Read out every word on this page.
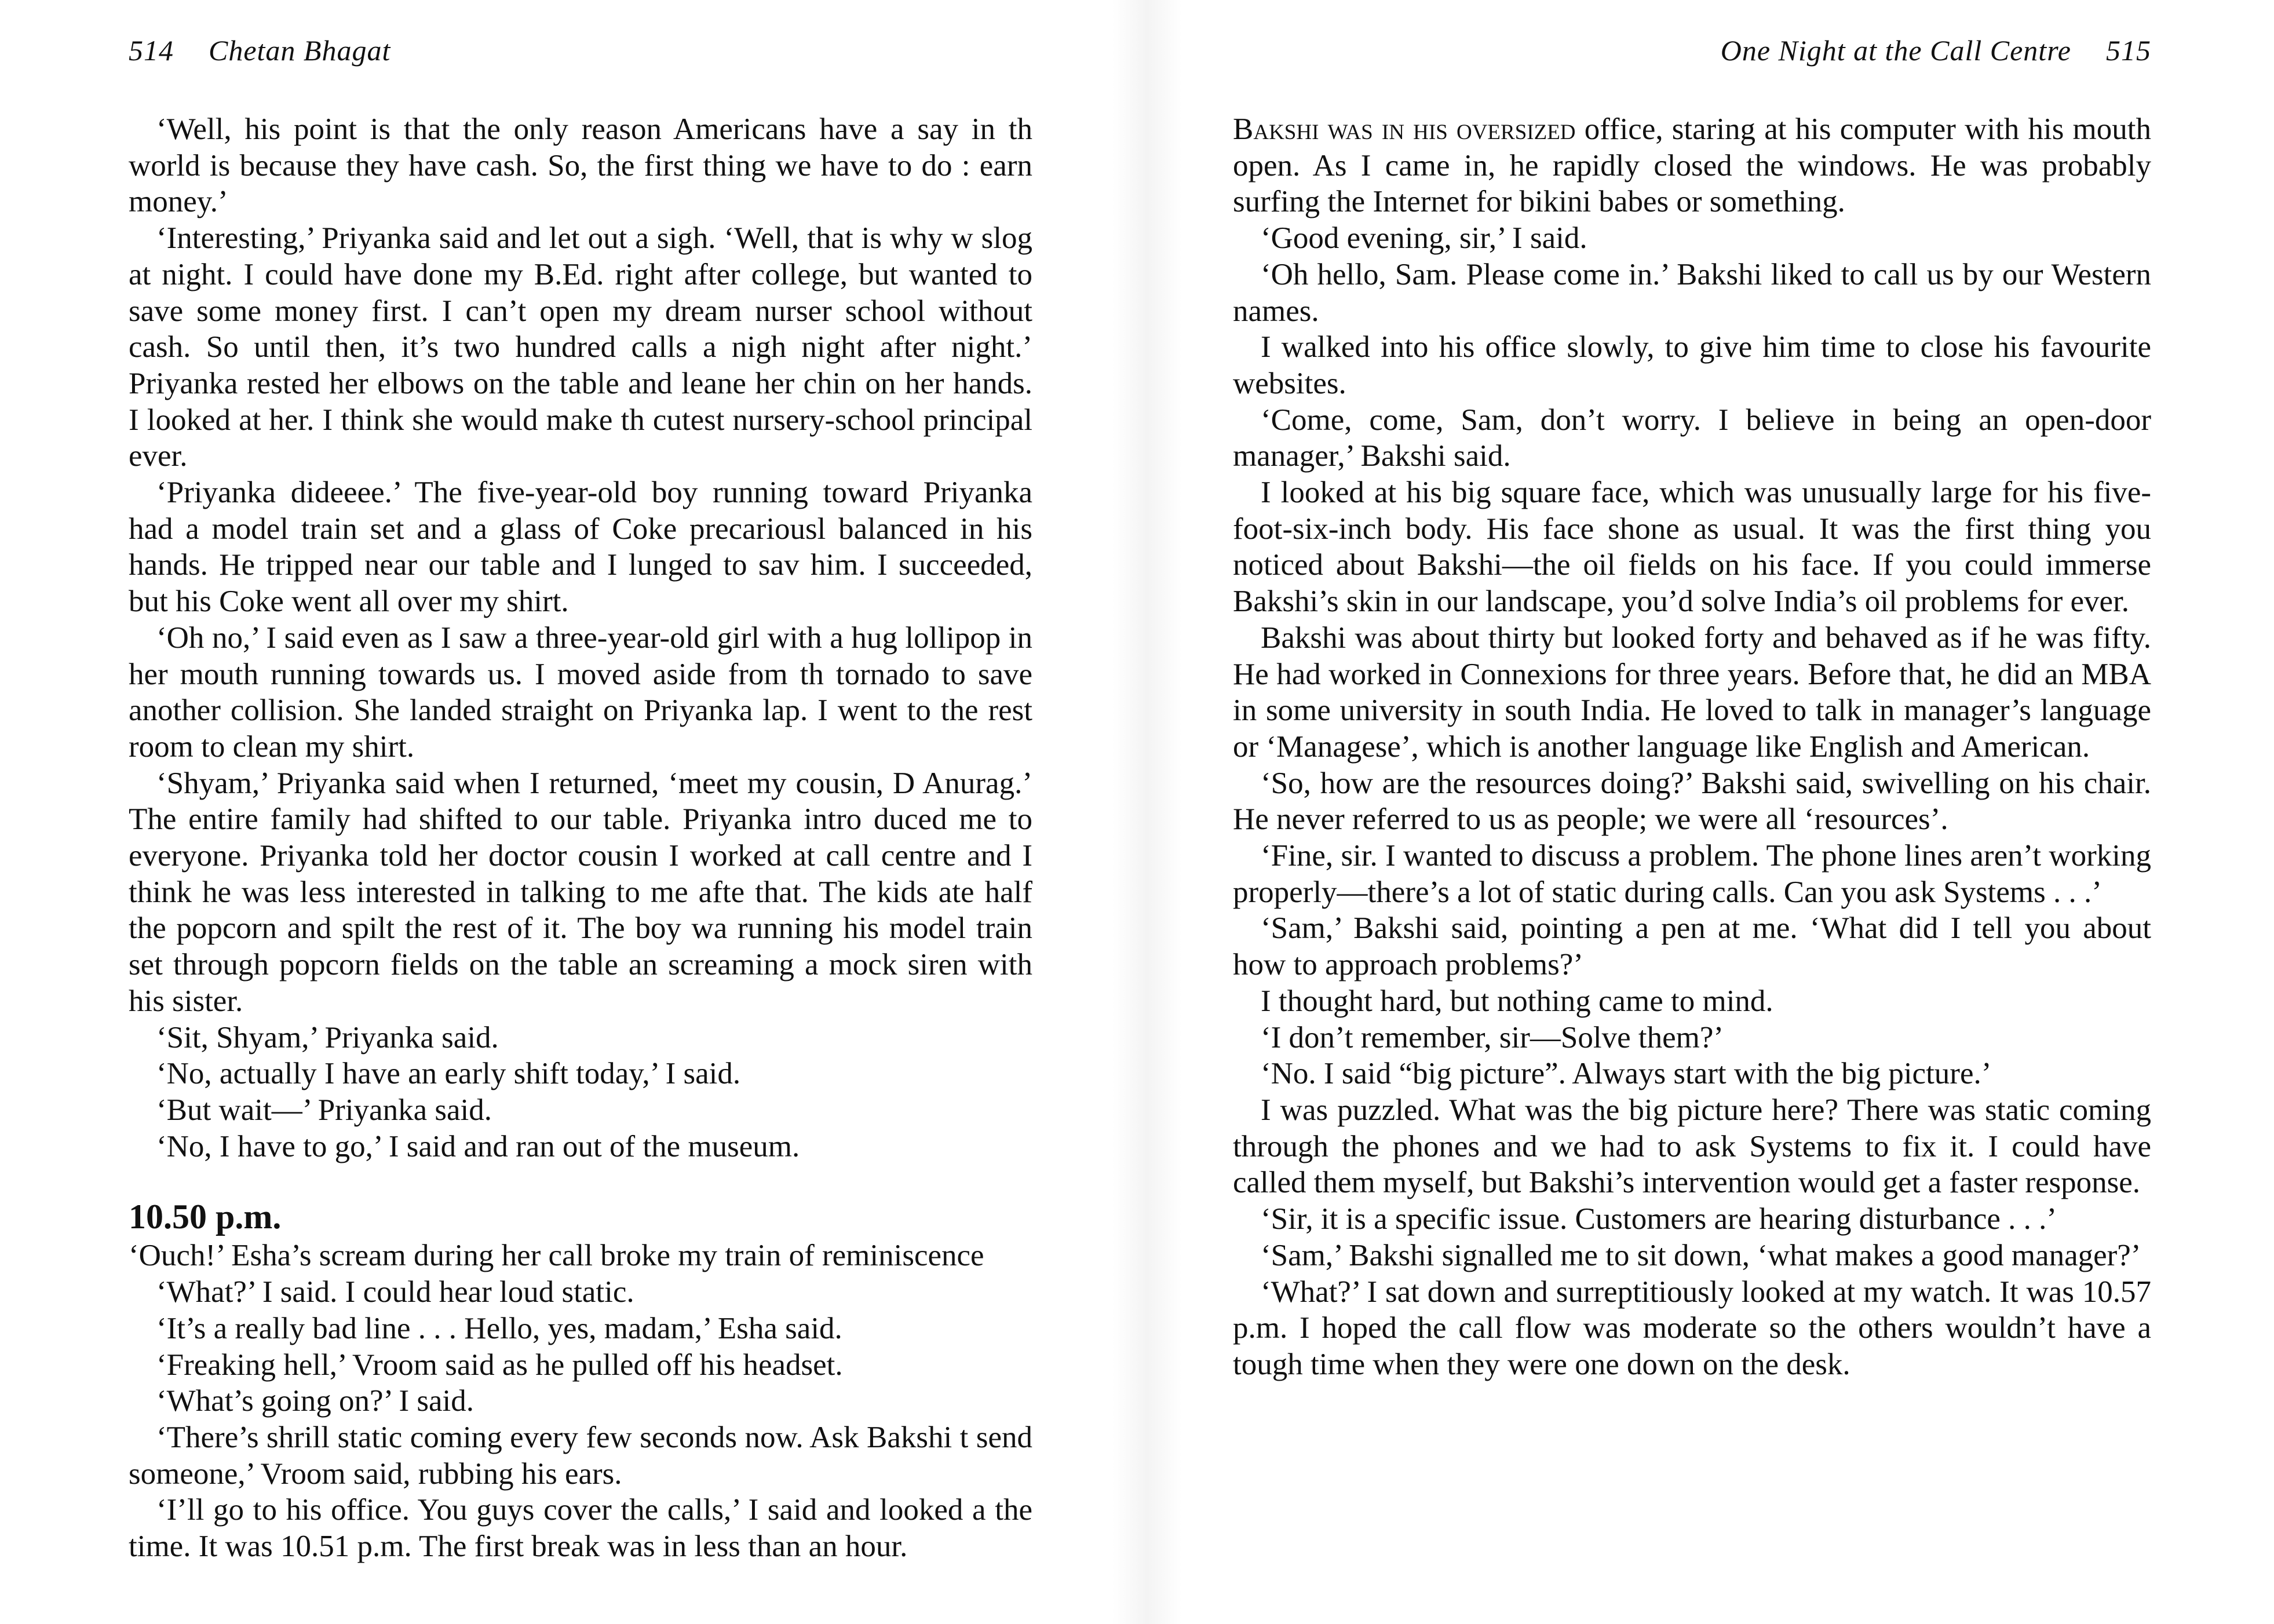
514 Chetan Bhagat

‘Well, his point is that the only reason Americans have a say in th world is because they have cash. So, the first thing we have to do : earn money.’

‘Interesting,’ Priyanka said and let out a sigh. ‘Well, that is why w slog at night. I could have done my B.Ed. right after college, but wanted to save some money first. I can’t open my dream nurser school without cash. So until then, it’s two hundred calls a nigh night after night.’ Priyanka rested her elbows on the table and leane her chin on her hands. I looked at her. I think she would make th cutest nursery-school principal ever.

‘Priyanka dideeee.’ The five-year-old boy running toward Priyanka had a model train set and a glass of Coke precariousl balanced in his hands. He tripped near our table and I lunged to sav him. I succeeded, but his Coke went all over my shirt.

‘Oh no,’ I said even as I saw a three-year-old girl with a hug lollipop in her mouth running towards us. I moved aside from th tornado to save another collision. She landed straight on Priyanka lap. I went to the rest room to clean my shirt.

‘Shyam,’ Priyanka said when I returned, ‘meet my cousin, D Anurag.’ The entire family had shifted to our table. Priyanka intro duced me to everyone. Priyanka told her doctor cousin I worked at call centre and I think he was less interested in talking to me afte that. The kids ate half the popcorn and spilt the rest of it. The boy wa running his model train set through popcorn fields on the table an screaming a mock siren with his sister.

‘Sit, Shyam,’ Priyanka said.

‘No, actually I have an early shift today,’ I said.

‘But wait—’ Priyanka said.

‘No, I have to go,’ I said and ran out of the museum.

10.50 p.m.

‘Ouch!’ Esha’s scream during her call broke my train of reminiscence

‘What?’ I said. I could hear loud static.

‘It’s a really bad line . . . Hello, yes, madam,’ Esha said.

‘Freaking hell,’ Vroom said as he pulled off his headset.

‘What’s going on?’ I said.

‘There’s shrill static coming every few seconds now. Ask Bakshi t send someone,’ Vroom said, rubbing his ears.

‘I’ll go to his office. You guys cover the calls,’ I said and looked a the time. It was 10.51 p.m. The first break was in less than an hour.

One Night at the Call Centre 515

Bakshi was in his oversized office, staring at his computer with his mouth open. As I came in, he rapidly closed the windows. He was probably surfing the Internet for bikini babes or something.

‘Good evening, sir,’ I said.

‘Oh hello, Sam. Please come in.’ Bakshi liked to call us by our Western names.

I walked into his office slowly, to give him time to close his favourite websites.

‘Come, come, Sam, don’t worry. I believe in being an open-door manager,’ Bakshi said.

I looked at his big square face, which was unusually large for his five-foot-six-inch body. His face shone as usual. It was the first thing you noticed about Bakshi—the oil fields on his face. If you could immerse Bakshi’s skin in our landscape, you’d solve India’s oil problems for ever.

Bakshi was about thirty but looked forty and behaved as if he was fifty. He had worked in Connexions for three years. Before that, he did an MBA in some university in south India. He loved to talk in manager’s language or ‘Managese’, which is another language like English and American.

‘So, how are the resources doing?’ Bakshi said, swivelling on his chair. He never referred to us as people; we were all ‘resources’.

‘Fine, sir. I wanted to discuss a problem. The phone lines aren’t working properly—there’s a lot of static during calls. Can you ask Systems . . .’

‘Sam,’ Bakshi said, pointing a pen at me. ‘What did I tell you about how to approach problems?’

I thought hard, but nothing came to mind.

‘I don’t remember, sir—Solve them?’

‘No. I said “big picture”. Always start with the big picture.’

I was puzzled. What was the big picture here? There was static coming through the phones and we had to ask Systems to fix it. I could have called them myself, but Bakshi’s intervention would get a faster response.

‘Sir, it is a specific issue. Customers are hearing disturbance . . .’

‘Sam,’ Bakshi signalled me to sit down, ‘what makes a good manager?’

‘What?’ I sat down and surreptitiously looked at my watch. It was 10.57 p.m. I hoped the call flow was moderate so the others wouldn’t have a tough time when they were one down on the desk.
